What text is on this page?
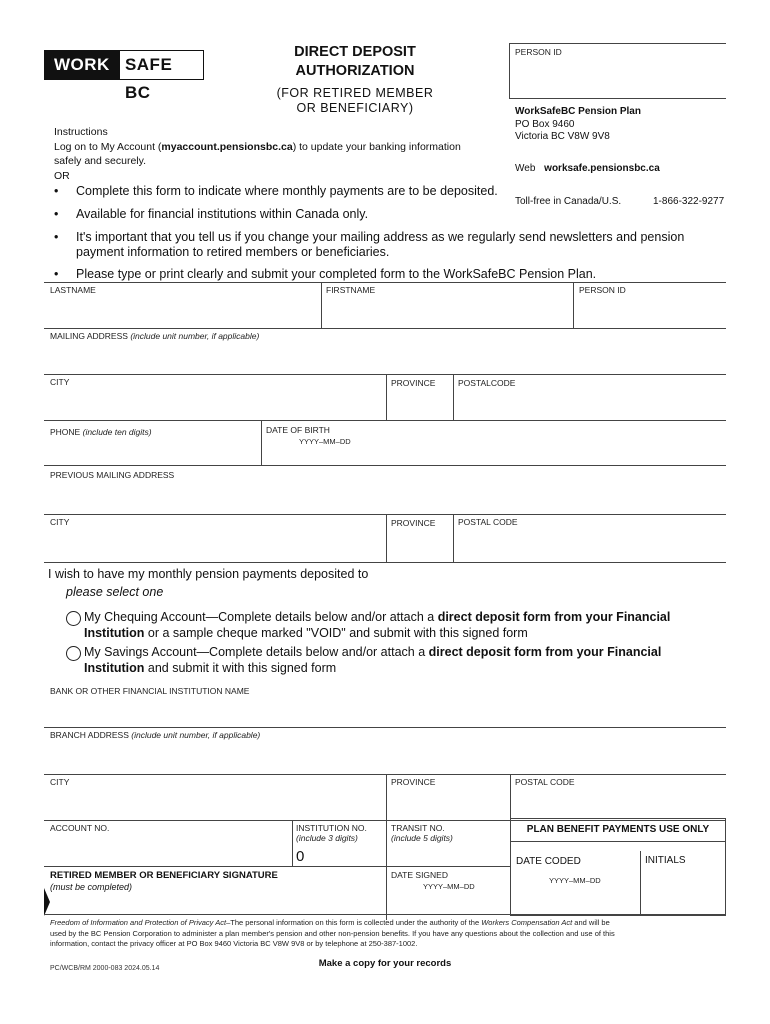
WORK SAFE BC
DIRECT DEPOSIT
AUTHORIZATION
(FOR RETIRED MEMBER
OR BENEFICIARY)
PERSON ID
WorkSafeBC Pension Plan
PO Box 9460
Victoria BC V8W 9V8
Web worksafe.pensionsbc.ca
Toll-free in Canada/U.S.	1-866-322-9277
Instructions
Log on to My Account (myaccount.pensionsbc.ca) to update your banking information
safely and securely.
OR
• Complete this form to indicate where monthly payments are to be deposited.
• Available for financial institutions within Canada only.
• It's important that you tell us if you change your mailing address as we regularly send newsletters and pension
payment information to retired members or beneficiaries.
• Please type or print clearly and submit your completed form to the WorkSafeBC Pension Plan.
LASTNAME	FIRSTNAME	PERSON ID
MAILING ADDRESS (include unit number, if applicable)
CITY	PROVINCE	POSTALCODE
PHONE (include ten digits)	DATE OF BIRTH
YYYY–MM–DD
PREVIOUS MAILING ADDRESS
CITY	PROVINCE	POSTAL CODE
I wish to have my monthly pension payments deposited to
please select one
My Chequing Account—Complete details below and/or attach a direct deposit form from your Financial
Institution or a sample cheque marked "VOID" and submit with this signed form
My Savings Account—Complete details below and/or attach a direct deposit form from your Financial
Institution and submit it with this signed form
BANK OR OTHER FINANCIAL INSTITUTION NAME
BRANCH ADDRESS (include unit number, if applicable)
CITY	PROVINCE	POSTAL CODE
ACCOUNT NO.	INSTITUTION NO.
(include 3 digits)
0
TRANSIT NO.
(include 5 digits)
PLAN BENEFIT PAYMENTS USE ONLY
DATE CODED
YYYY–MM–DD
INITIALS
RETIRED MEMBER OR BENEFICIARY SIGNATURE
(must be completed)
DATE SIGNED
YYYY–MM–DD
Freedom of Information and Protection of Privacy Act–The personal information on this form is collected under the authority of the Workers Compensation Act and will be
used by the BC Pension Corporation to administer a plan member's pension and other non-pension benefits. If you have any questions about the collection and use of this
information, contact the privacy officer at PO Box 9460 Victoria BC V8W 9V8 or by telephone at 250-387-1002.
Make a copy for your records
PC/WCB/RM 2000-083 2024.05.14
